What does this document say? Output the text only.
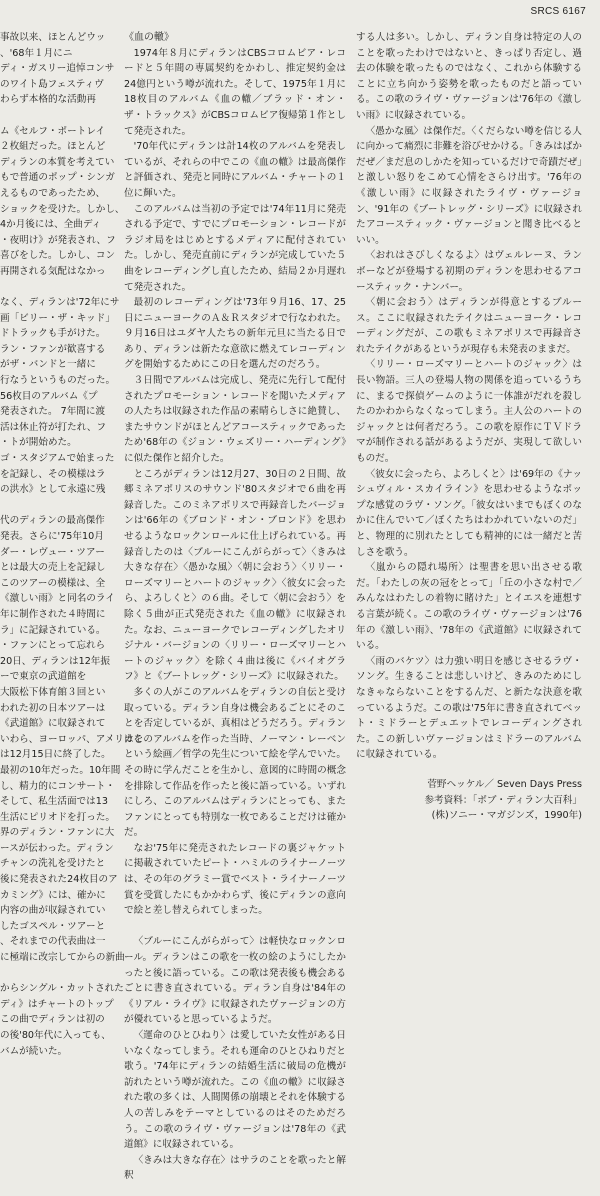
SRCS 6167

事故以来、ほとんどウッ

、'68年１月にニ

ディ・ガスリー追悼コンサ

のワイト島フェスティヴ

わらず本格的な活動再

ム《セルフ・ポートレイ

２枚組だった。ほとんど

ディランの本質を考えてい

もで普通のポップ・シンガ

えるものであったため、

ショックを受けた。しかし、

4か月後には、全曲ディ

・夜明け》が発表され、フ

喜びをした。しかし、コン

再開される気配はなかっ

なく、ディランは'72年にサ

画「ビリー・ザ・キッド」

ドトラックも手がけた。

ラン・ファンが歓喜する

がザ・バンドと一緒に

行なうというものだった。

56枚目のアルバム《プ

発表された。 7年間に渡

活は休止符が打たれ、フ

・トが開始めた。

ゴ・スタジアムで始まった

を記録し、その模様はラ

の洪水》として永遠に残

代のディランの最高傑作

発表。さらに'75年10月

ダー・レヴュー・ツアー

とは最大の売上を記録し

このツアーの模様は、全

《激しい雨》と同名のライ

年に制作された４時間に

ラ」に記録されている。

・ファンにとって忘れら

20日、ディランは12年振

ーで東京の武道館を

大阪松下体育館３回とい

われた初の日本ツアーは

《武道館》に収録されて

いわら、ヨーロッパ、アメリカを

は12月15日に終了した。

最初の10年だった。10年間

し、精力的にコンサート・

そして、私生活面では13

生活にピリオドを打った。

界のディラン・ファンに大

ースが伝わった。ディラン

チャンの洗礼を受けたと

後に発表された24枚目のア

カミング》には、確かに

内容の曲が収録されてい

したゴスペル・ツアーと

、それまでの代表曲は一

に極端に改宗してからの新曲

からシングル・カットされた

ディ》はチャートのトップ

この曲でディランは初の

の後'80年代に入っても、

バムが続いた。

《血の轍》

1974年８月にディランはCBSコロムビア・レコードと５年間の専属契約をかわし、推定契約金は24億円という噂が流れた。そして、1975年１月に18枚目のアルバム《血の轍／ブラッド・オン・ザ・トラックス》がCBSコロムビア復帰第１作として発売された。

'70年代にディランは計14枚のアルバムを発表しているが、それらの中でこの《血の轍》は最高傑作と評価され、発売と同時にアルバム・チャートの１位に輝いた。

このアルバムは当初の予定では'74年11月に発売される予定で、すでにプロモーション・レコードがラジオ局をはじめとするメディアに配付されていた。しかし、発売直前にディランが完成していた５曲をレコーディングし直したため、結局２か月遅れて発売された。

最初のレコーディングは'73年９月16、17、25日にニューヨークのＡ＆Ｒスタジオで行なわれた。９月16日はユダヤ人たちの新年元旦に当たる日であり、ディランは新たな意欲に燃えてレコーディングを開始するためにこの日を選んだのだろう。

３日間でアルバムは完成し、発売に先行して配付されたプロモーション・レコードを聞いたメディアの人たちは収録された作品の素晴らしさに絶賛し、またサウンドがほとんどアコースティックであったため'68年の《ジョン・ウェズリー・ハーディング》に似た傑作と紹介した。

ところがディランは12月27、30日の２日間、故郷ミネアポリスのサウンド'80スタジオで６曲を再録音した。このミネアポリスで再録音したバージョンは'66年の《ブロンド・オン・ブロンド》を思わせるようなロックンロールに仕上げられている。再録音したのは〈ブルーにこんがらがって〉〈きみは大きな存在〉〈愚かな風〉〈朝に会おう〉〈リリー・ローズマリーとハートのジャック〉〈彼女に会ったら、よろしくと〉の６曲。そして〈朝に会おう〉を除く５曲が正式発売された《血の轍》に収録された。なお、ニューヨークでレコーディングしたオリジナル・バージョンの〈リリー・ローズマリーとハートのジャック〉を除く４曲は後に《バイオグラフ》と《ブートレッグ・シリーズ》に収録された。

多くの人がこのアルバムをディランの自伝と受け取っている。ディラン自身は機会あるごとにそのことを否定しているが、真相はどうだろう。ディランはこのアルバムを作った当時、ノーマン・レーベンという絵画／哲学の先生について絵を学んでいた。その時に学んだことを生かし、意図的に時間の概念を排除して作品を作ったと後に語っている。いずれにしろ、このアルバムはディランにとっても、またファンにとっても特別な一枚であることだけは確かだ。

なお'75年に発売されたレコードの裏ジャケットに掲載されていたピート・ハミルのライナーノーツは、その年のグラミー賞でベスト・ライナーノーツ賞を受賞したにもかかわらず、後にディランの意向で絵と差し替えられてしまった。

〈ブルーにこんがらがって〉は軽快なロックンロール。ディランはこの歌を一枚の絵のようにしたかったと後に語っている。この歌は発表後も機会あるごとに書き直されている。ディラン自身は'84年の《リアル・ライヴ》に収録されたヴァージョンの方が優れていると思っているようだ。

〈運命のひとひねり〉は愛していた女性がある日いなくなってしまう。それも運命のひとひねりだと歌う。'74年にディランの結婚生活に破局の危機が訪れたという噂が流れた。この《血の轍》に収録された歌の多くは、人間関係の崩壊とそれを体験する人の苦しみをテーマとしているのはそのためだろう。この歌のライヴ・ヴァージョンは'78年の《武道館》に収録されている。

〈きみは大きな存在〉はサラのことを歌ったと解釈

する人は多い。しかし、ディラン自身は特定の人のことを歌ったわけではないと、きっぱり否定し、過去の体験を歌ったものではなく、これから体験することに立ち向かう姿勢を歌ったものだと語っている。この歌のライヴ・ヴァージョンは'76年の《激しい雨》に収録されている。

〈愚かな風〉は傑作だ。〈くだらない噂を信じる人に向かって痛烈に非難を浴びせかける。「きみはばかだぜ／まだ息のしかたを知っているだけで奇蹟だぜ」と激しい怒りをこめて心情をさらけ出す。'76年の《激しい雨》に収録されたライヴ・ヴァージョン、'91年の《ブートレッグ・シリーズ》に収録されたアコースティック・ヴァージョンと聞き比べるといい。

〈おれはさびしくなるよ〉はヴェルレーヌ、ランボーなどが登場する初期のディランを思わせるアコースティック・ナンバー。

〈朝に会おう〉はディランが得意とするブルース。ここに収録されたテイクはニューヨーク・レコーディングだが、この歌もミネアポリスで再録音されたテイクがあるというが現存も未発表のままだ。

〈リリー・ローズマリーとハートのジャック〉は長い物語。三人の登場人物の関係を追っているうちに、まるで探偵ゲームのように一体誰がだれを殺したのかわからなくなってしまう。主人公のハートのジャックとは何者だろう。この歌を原作にＴＶドラマが制作される話があるようだが、実現して欲しいものだ。

〈彼女に会ったら、よろしくと〉は'69年の《ナッシュヴィル・スカイライン》を思わせるようなポップな感覚のラヴ・ソング。「彼女はいまでもぼくのなかに住んでいて／ぼくたちはわかれていないのだ」と、物理的に別れたとしても精神的には一緒だと苦しさを歌う。

〈嵐からの隠れ場所〉は聖書を思い出させる歌だ。「わたしの灰の冠をとって」「丘の小さな村で／みんなはわたしの着物に賭けた」とイエスを連想する言葉が続く。この歌のライヴ・ヴァージョンは'76年の《激しい雨》、'78年の《武道館》に収録されている。

〈雨のバケツ〉は力強い明日を感じさせるラヴ・ソング。生きることは悲しいけど、きみのためにしなきゃならないことをするんだ、と新たな決意を歌っているようだ。この歌は'75年に書き直されてベット・ミドラーとデュエットでレコーディングされた。この新しいヴァージョンはミドラーのアルバムに収録されている。

菅野ヘッケル／ Seven Days Press
参考資料：「ボブ・ディラン大百科」
(株)ソニー・マガジンズ，1990年)
